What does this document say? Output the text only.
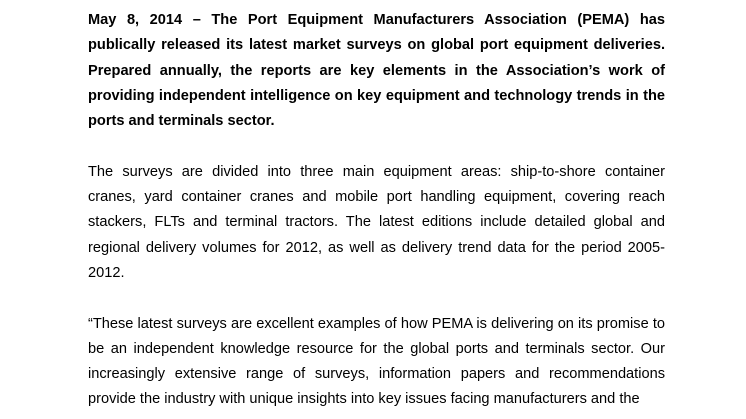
May 8, 2014 – The Port Equipment Manufacturers Association (PEMA) has publically released its latest market surveys on global port equipment deliveries. Prepared annually, the reports are key elements in the Association’s work of providing independent intelligence on key equipment and technology trends in the ports and terminals sector.

The surveys are divided into three main equipment areas: ship-to-shore container cranes, yard container cranes and mobile port handling equipment, covering reach stackers, FLTs and terminal tractors. The latest editions include detailed global and regional delivery volumes for 2012, as well as delivery trend data for the period 2005-2012.

“These latest surveys are excellent examples of how PEMA is delivering on its promise to be an independent knowledge resource for the global ports and terminals sector. Our increasingly extensive range of surveys, information papers and recommendations provide the industry with unique insights into key issues facing manufacturers and the
